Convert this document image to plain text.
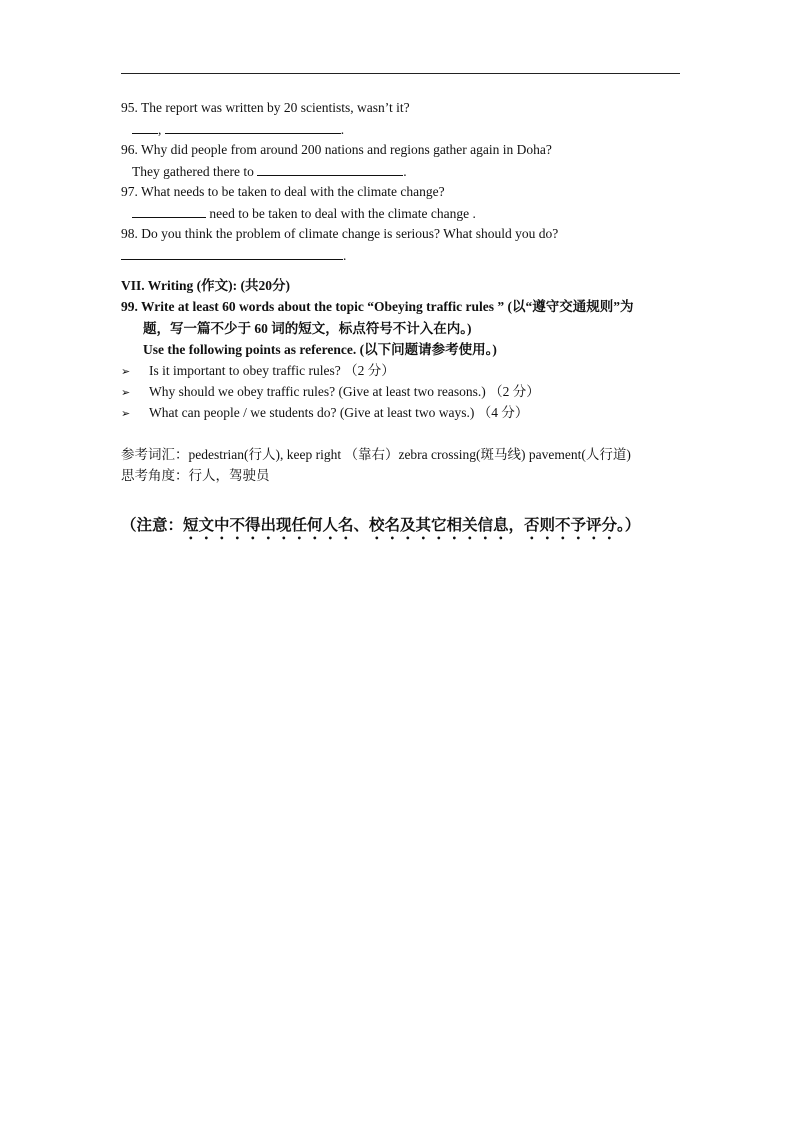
95. The report was written by 20 scientists, wasn’t it?
,	.
96. Why did people from around 200 nations and regions gather again in Doha?
They gathered there to	.
97. What needs to be taken to deal with the climate change?
need to be taken to deal with the climate change .
98. Do you think the problem of climate change is serious? What should you do?
.
VII. Writing (作文): (共20分)
99. Write at least 60 words about the topic “Obeying traffic rules ” (以“遵守交通规则”为
题，写一篇不少于 60 词的短文，标点符号不计入在内。)
Use the following points as reference. (以下问题请参考使用。)
➢ Is it important to obey traffic rules? （2 分）
➢ Why should we obey traffic rules? (Give at least two reasons.) （2 分）
➢ What can people / we students do? (Give at least two ways.) （4 分）
参考词汇：pedestrian(行人), keep right （靠右）zebra crossing(斑马线) pavement(人行道)
思考角度：行人，驾驶员
（注意：短文中不得出现任何人名、校名及其它相关信息，否则不予评分。）
